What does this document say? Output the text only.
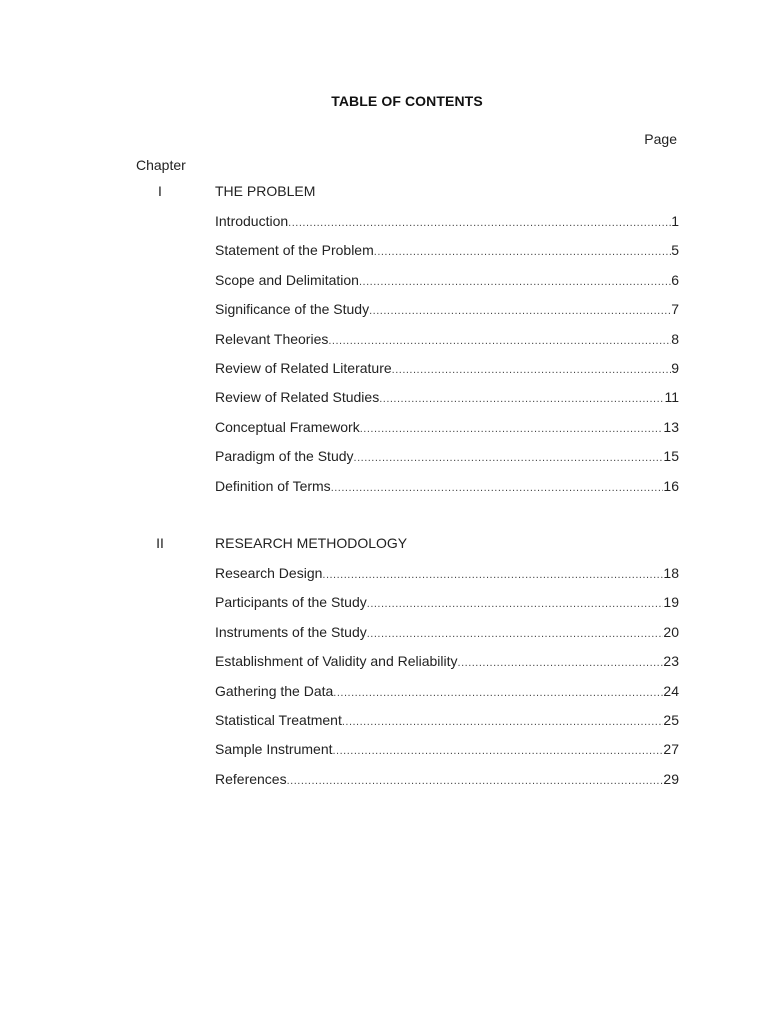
TABLE OF CONTENTS
Page
Chapter
I	THE PROBLEM
Introduction .....	1
Statement of the Problem .....	5
Scope and Delimitation .....	6
Significance of the Study .....	7
Relevant Theories .....	8
Review of Related Literature .....	9
Review of Related Studies .....	11
Conceptual Framework .....	13
Paradigm of the Study .....	15
Definition of Terms .....	16
II	RESEARCH METHODOLOGY
Research Design .....	18
Participants of the Study .....	19
Instruments of the Study .....	20
Establishment of Validity and Reliability .....	23
Gathering the Data .....	24
Statistical Treatment .....	25
Sample Instrument .....	27
References .....	29
